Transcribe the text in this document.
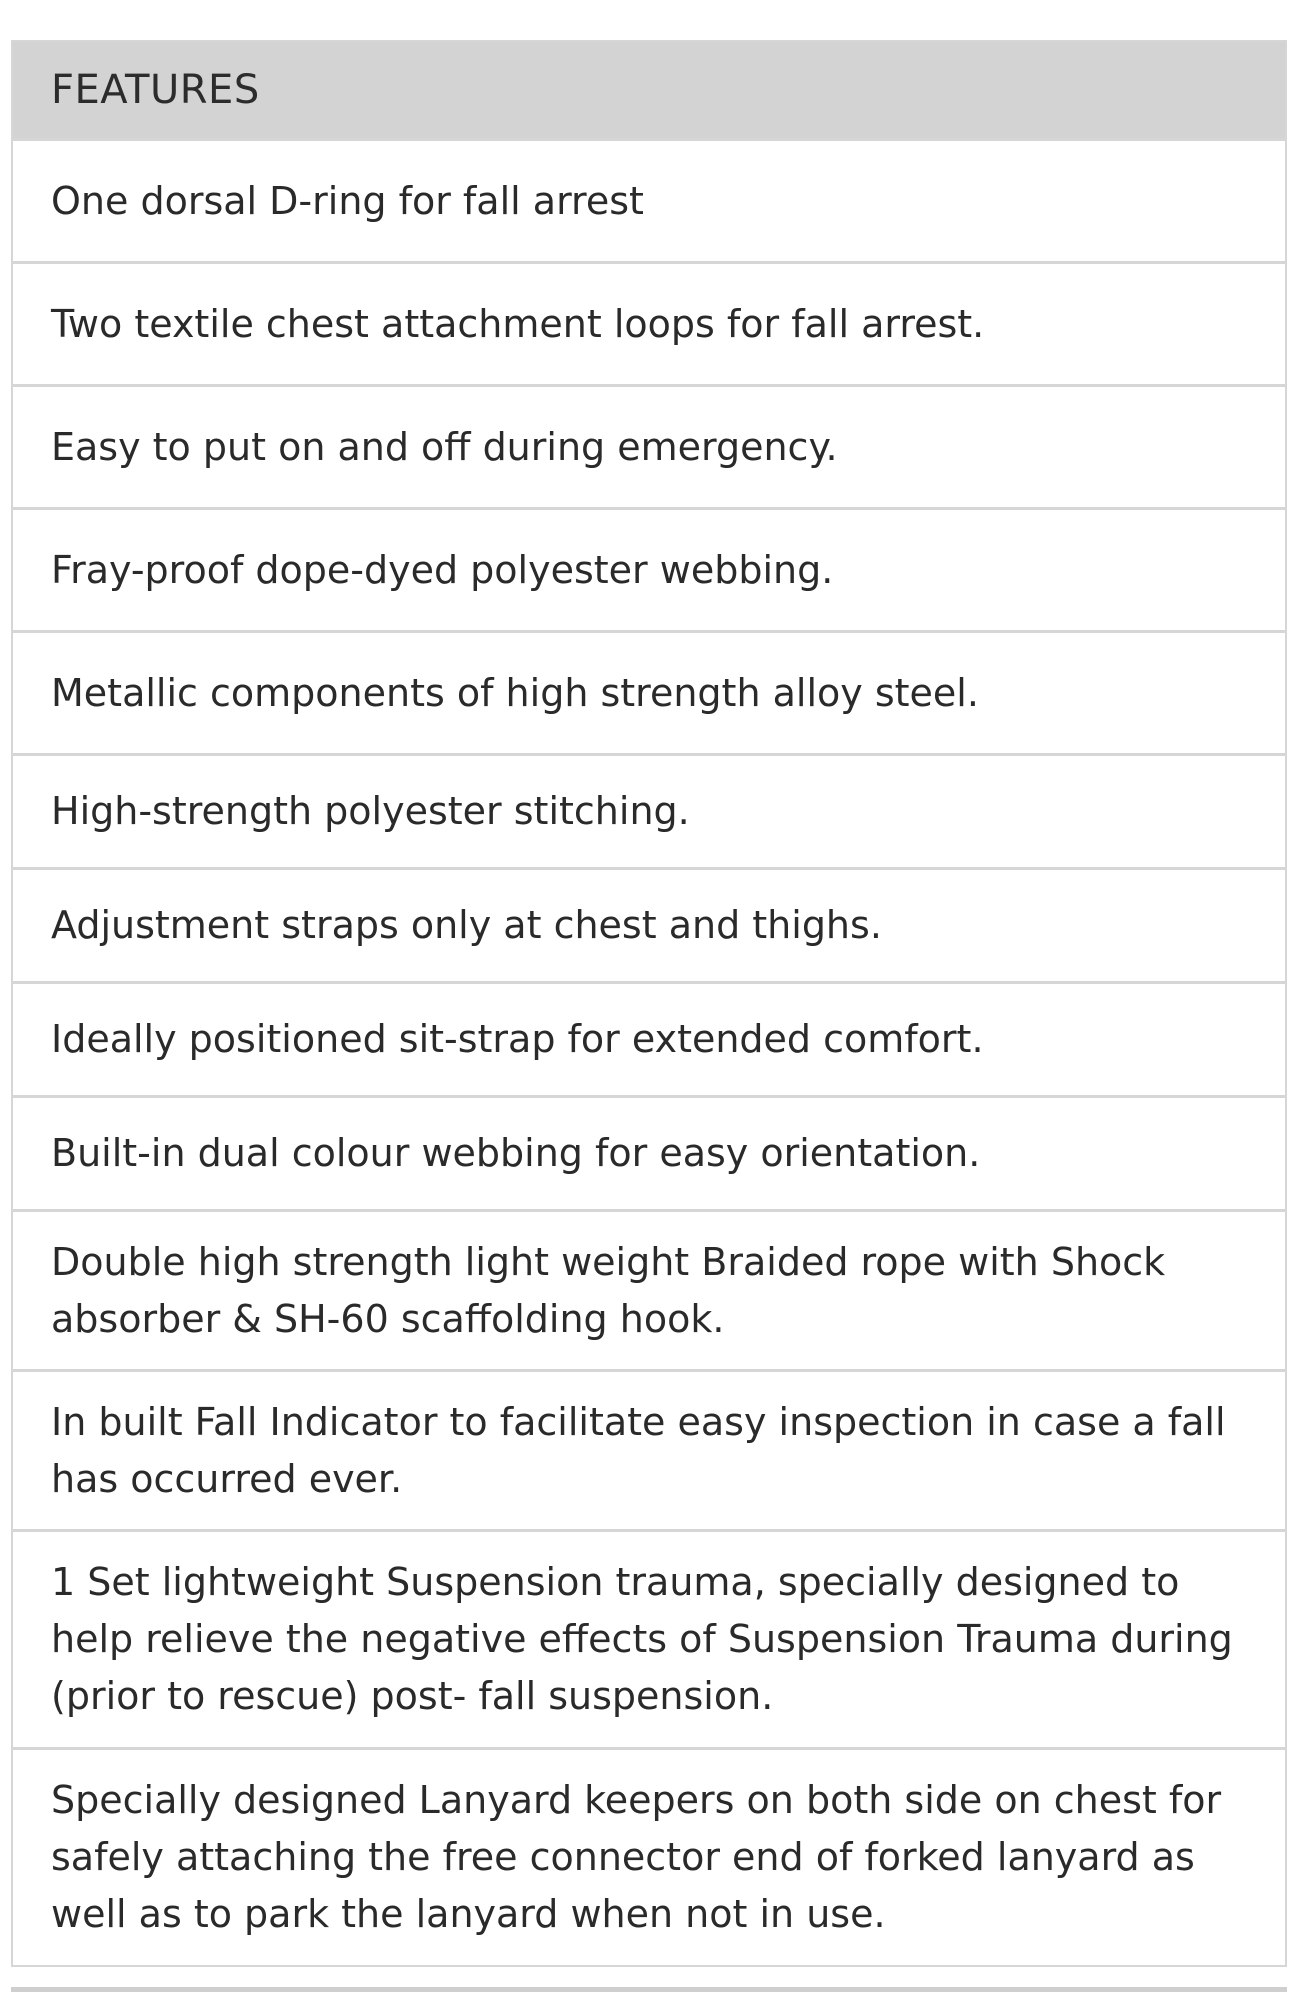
FEATURES
One dorsal D-ring for fall arrest
Two textile chest attachment loops for fall arrest.
Easy to put on and off during emergency.
Fray-proof dope-dyed polyester webbing.
Metallic components of high strength alloy steel.
High-strength polyester stitching.
Adjustment straps only at chest and thighs.
Ideally positioned sit-strap for extended comfort.
Built-in dual colour webbing for easy orientation.
Double high strength light weight Braided rope with Shock absorber & SH-60 scaffolding hook.
In built Fall Indicator to facilitate easy inspection in case a fall has occurred ever.
1 Set lightweight Suspension trauma, specially designed to help relieve the negative effects of Suspension Trauma during (prior to rescue) post- fall suspension.
Specially designed Lanyard keepers on both side on chest for safely attaching the free connector end of forked lanyard as well as to park the lanyard when not in use.
